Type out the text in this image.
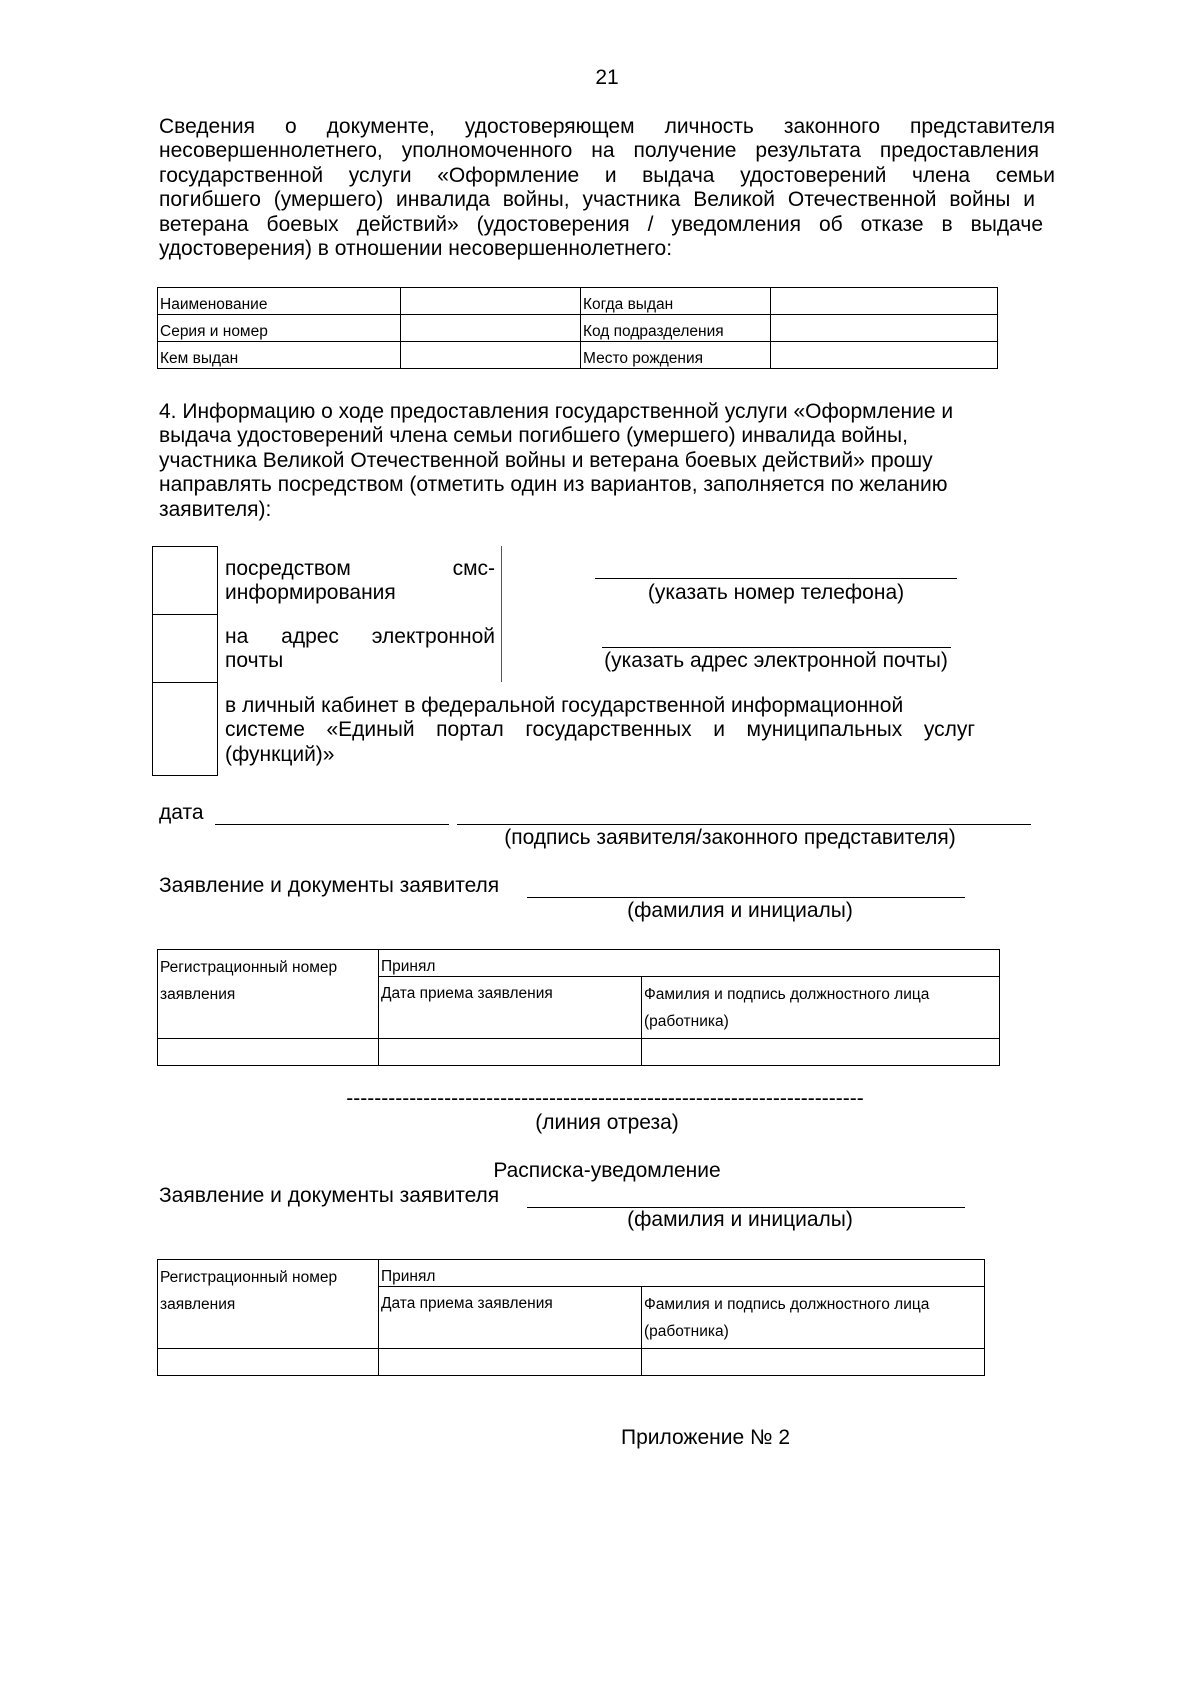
21
Сведения о документе, удостоверяющем личность законного представителя
несовершеннолетнего, уполномоченного на получение результата предоставления
государственной услуги «Оформление и выдача удостоверений члена семьи
погибшего (умершего) инвалида войны, участника Великой Отечественной войны и
ветерана боевых действий» (удостоверения / уведомления об отказе в выдаче
удостоверения) в отношении несовершеннолетнего:
Наименование		Когда выдан	
Серия и номер		Код подразделения	
Кем выдан		Место рождения	
4. Информацию о ходе предоставления государственной услуги «Оформление и
выдача удостоверений члена семьи погибшего (умершего) инвалида войны,
участника Великой Отечественной войны и ветерана боевых действий» прошу
направлять посредством (отметить один из вариантов, заполняется по желанию
заявителя):
посредством смс-
информирования	(указать номер телефона)
на адрес электронной
почты	(указать адрес электронной почты)
в личный кабинет в федеральной государственной информационной
системе «Единый портал государственных и муниципальных услуг
(функций)»
дата
(подпись заявителя/законного представителя)
Заявление и документы заявителя
(фамилия и инициалы)
Регистрационный номер
заявления	Принял	
	Дата приема заявления	Фамилия и подпись должностного лица
(работника)

--------------------------------------------------------------------------
(линия отреза)
Расписка-уведомление
Заявление и документы заявителя
(фамилия и инициалы)
Регистрационный номер
заявления	Принял	
	Дата приема заявления	Фамилия и подпись должностного лица
(работника)

Приложение № 2
